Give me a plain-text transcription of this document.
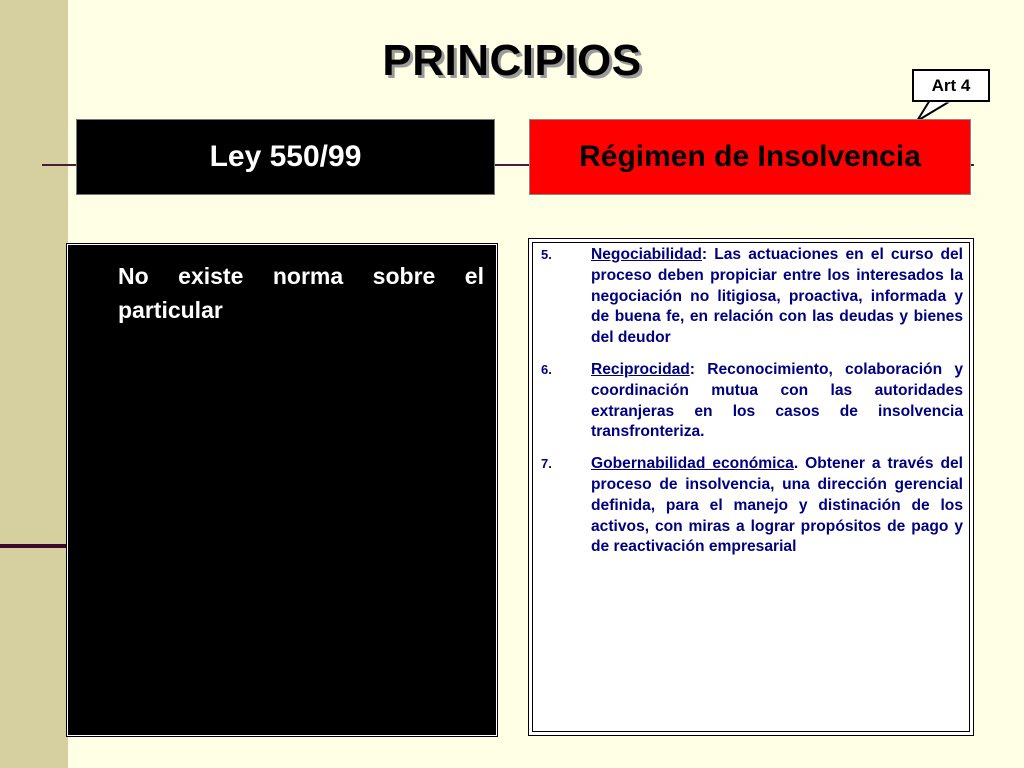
PRINCIPIOS	Art 4
Ley 550/99	Régimen de Insolvencia
No existe norma sobre el particular
5.	Negociabilidad: Las actuaciones en el curso del proceso deben propiciar entre los interesados la negociación no litigiosa, proactiva, informada y de buena fe, en relación con las deudas y bienes del deudor
6.	Reciprocidad: Reconocimiento, colaboración y coordinación mutua con las autoridades extranjeras en los casos de insolvencia transfronteriza.
7.	Gobernabilidad económica. Obtener a través del proceso de insolvencia, una dirección gerencial definida, para el manejo y distinación de los activos, con miras a lograr propósitos de pago y de reactivación empresarial
